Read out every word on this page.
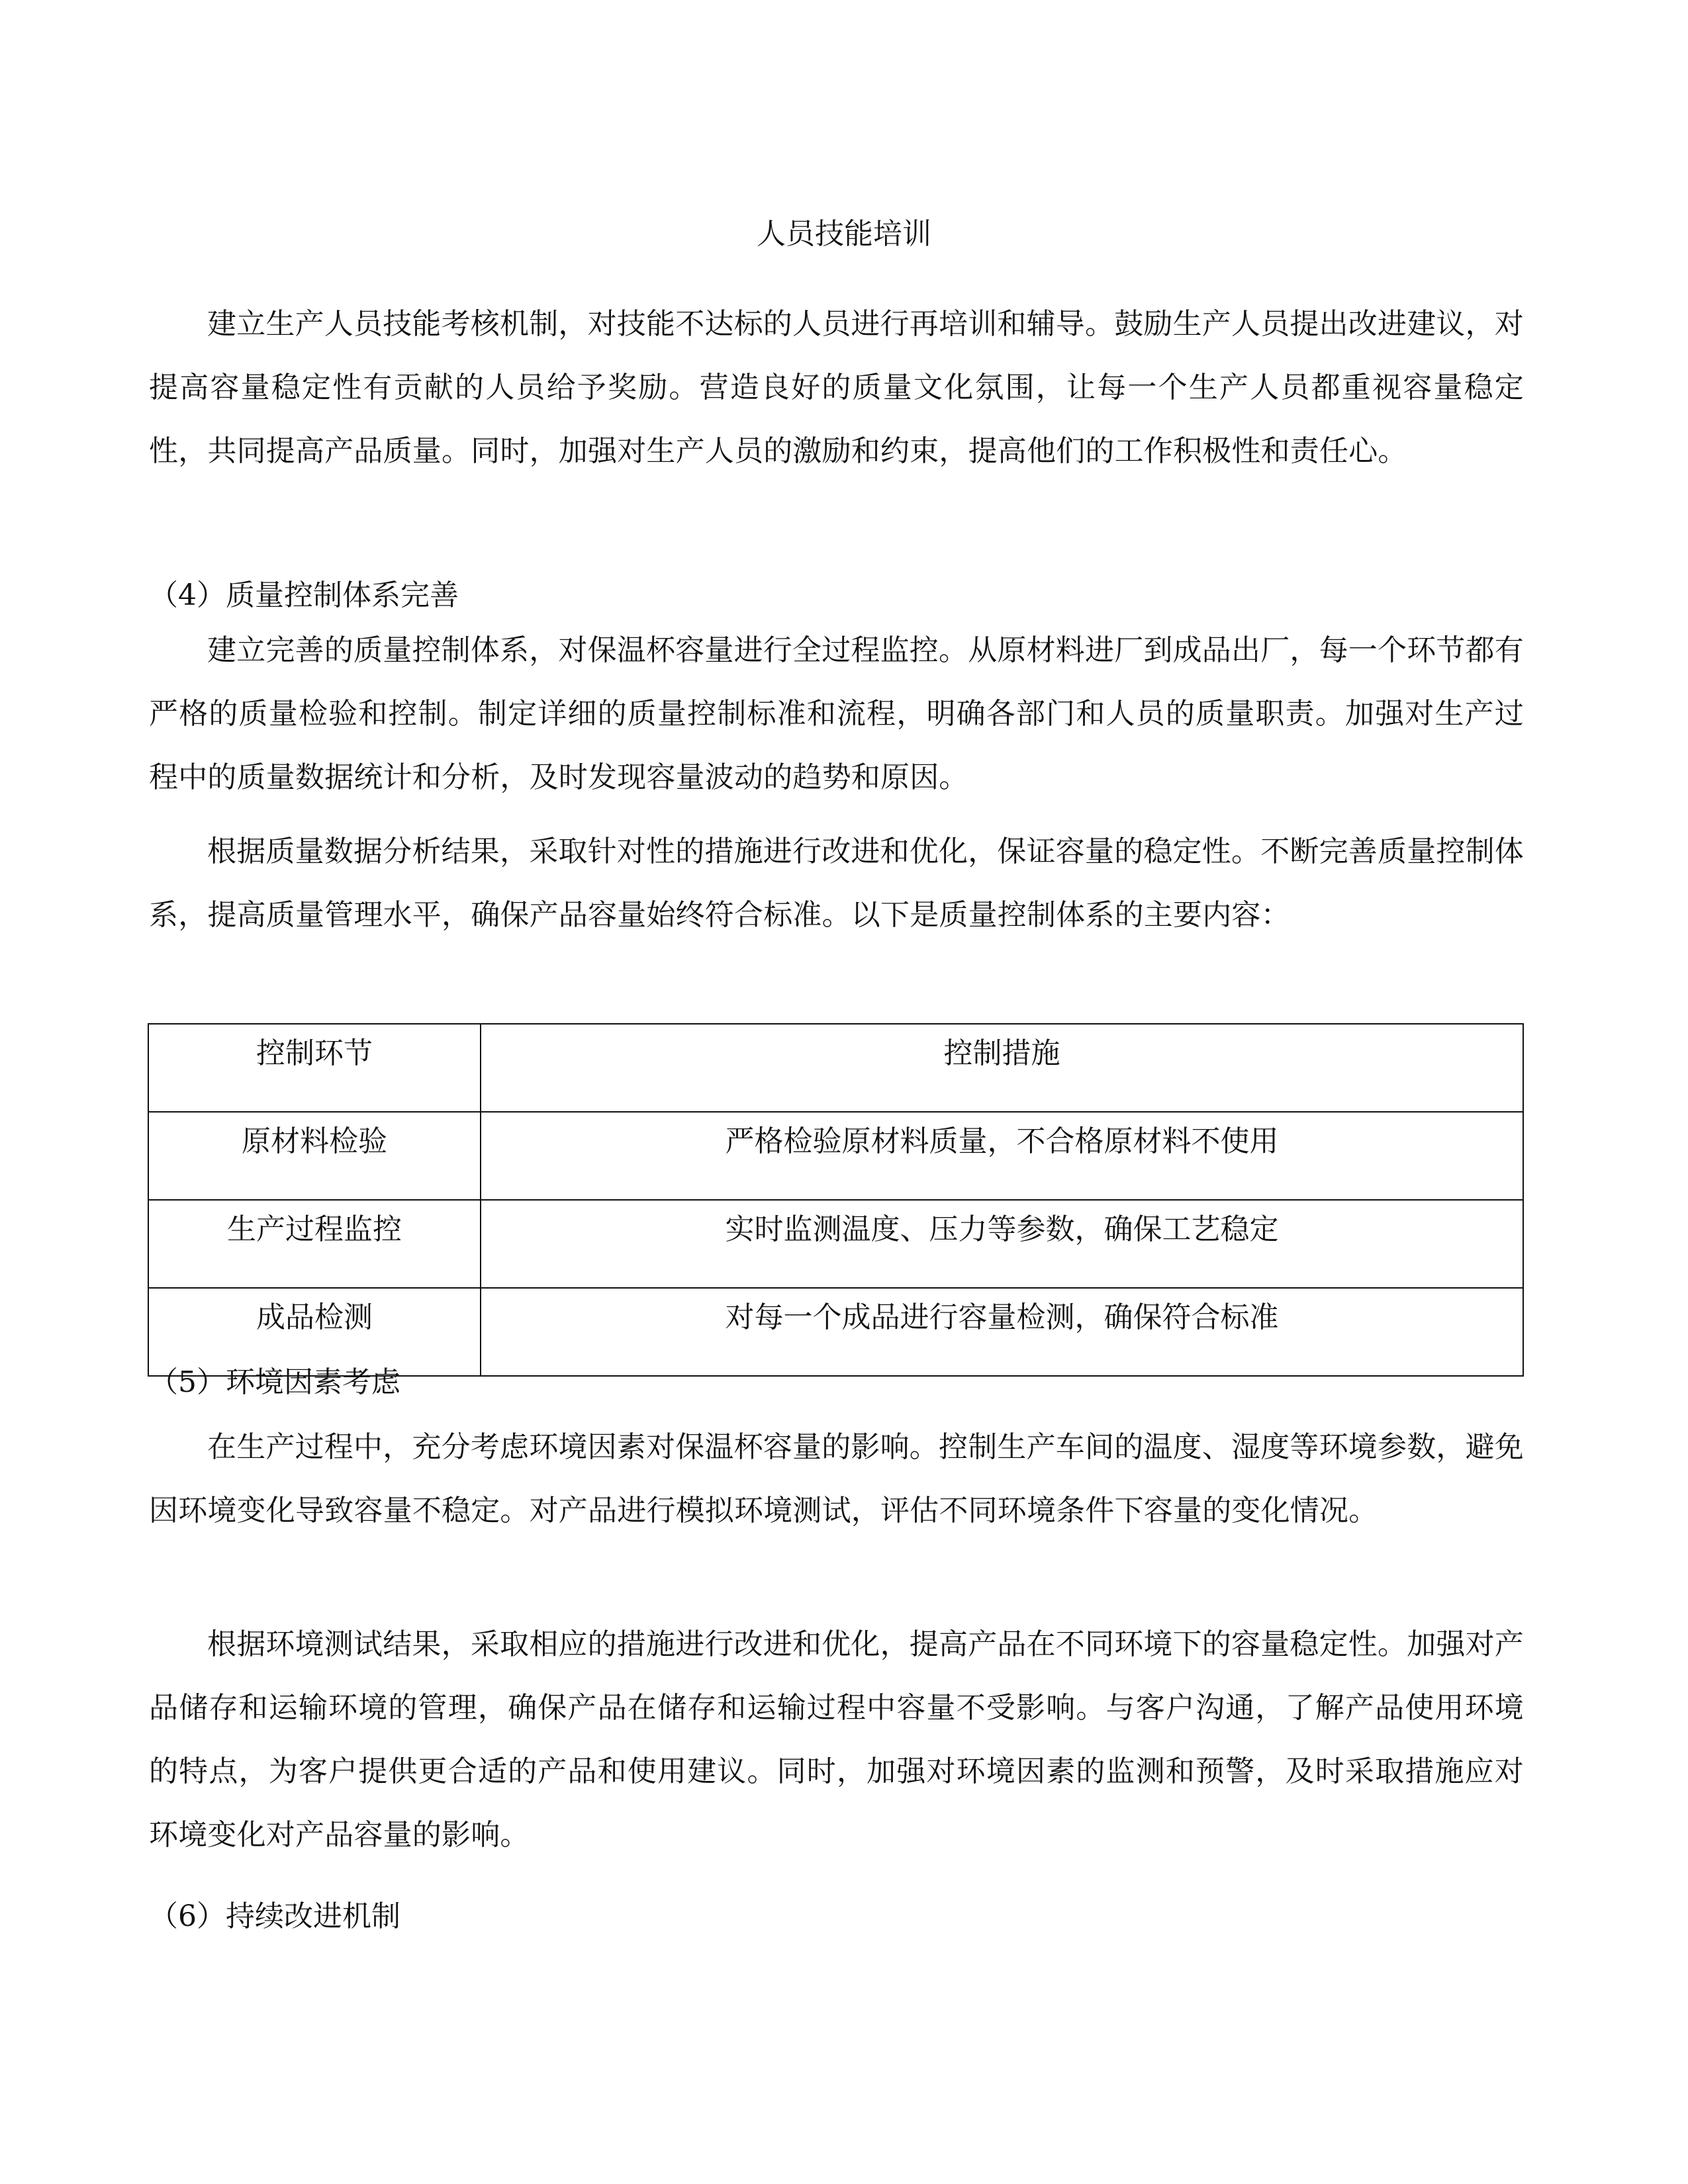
人员技能培训

建立生产人员技能考核机制，对技能不达标的人员进行再培训和辅导。鼓励生产人员提出改进建议，对提高容量稳定性有贡献的人员给予奖励。营造良好的质量文化氛围，让每一个生产人员都重视容量稳定性，共同提高产品质量。同时，加强对生产人员的激励和约束，提高他们的工作积极性和责任心。

（4）质量控制体系完善

建立完善的质量控制体系，对保温杯容量进行全过程监控。从原材料进厂到成品出厂，每一个环节都有严格的质量检验和控制。制定详细的质量控制标准和流程，明确各部门和人员的质量职责。加强对生产过程中的质量数据统计和分析，及时发现容量波动的趋势和原因。

根据质量数据分析结果，采取针对性的措施进行改进和优化，保证容量的稳定性。不断完善质量控制体系，提高质量管理水平，确保产品容量始终符合标准。以下是质量控制体系的主要内容：

控制环节	控制措施
原材料检验	严格检验原材料质量，不合格原材料不使用
生产过程监控	实时监测温度、压力等参数，确保工艺稳定
成品检测	对每一个成品进行容量检测，确保符合标准
（5）环境因素考虑

在生产过程中，充分考虑环境因素对保温杯容量的影响。控制生产车间的温度、湿度等环境参数，避免因环境变化导致容量不稳定。对产品进行模拟环境测试，评估不同环境条件下容量的变化情况。

根据环境测试结果，采取相应的措施进行改进和优化，提高产品在不同环境下的容量稳定性。加强对产品储存和运输环境的管理，确保产品在储存和运输过程中容量不受影响。与客户沟通，了解产品使用环境的特点，为客户提供更合适的产品和使用建议。同时，加强对环境因素的监测和预警，及时采取措施应对环境变化对产品容量的影响。

（6）持续改进机制
